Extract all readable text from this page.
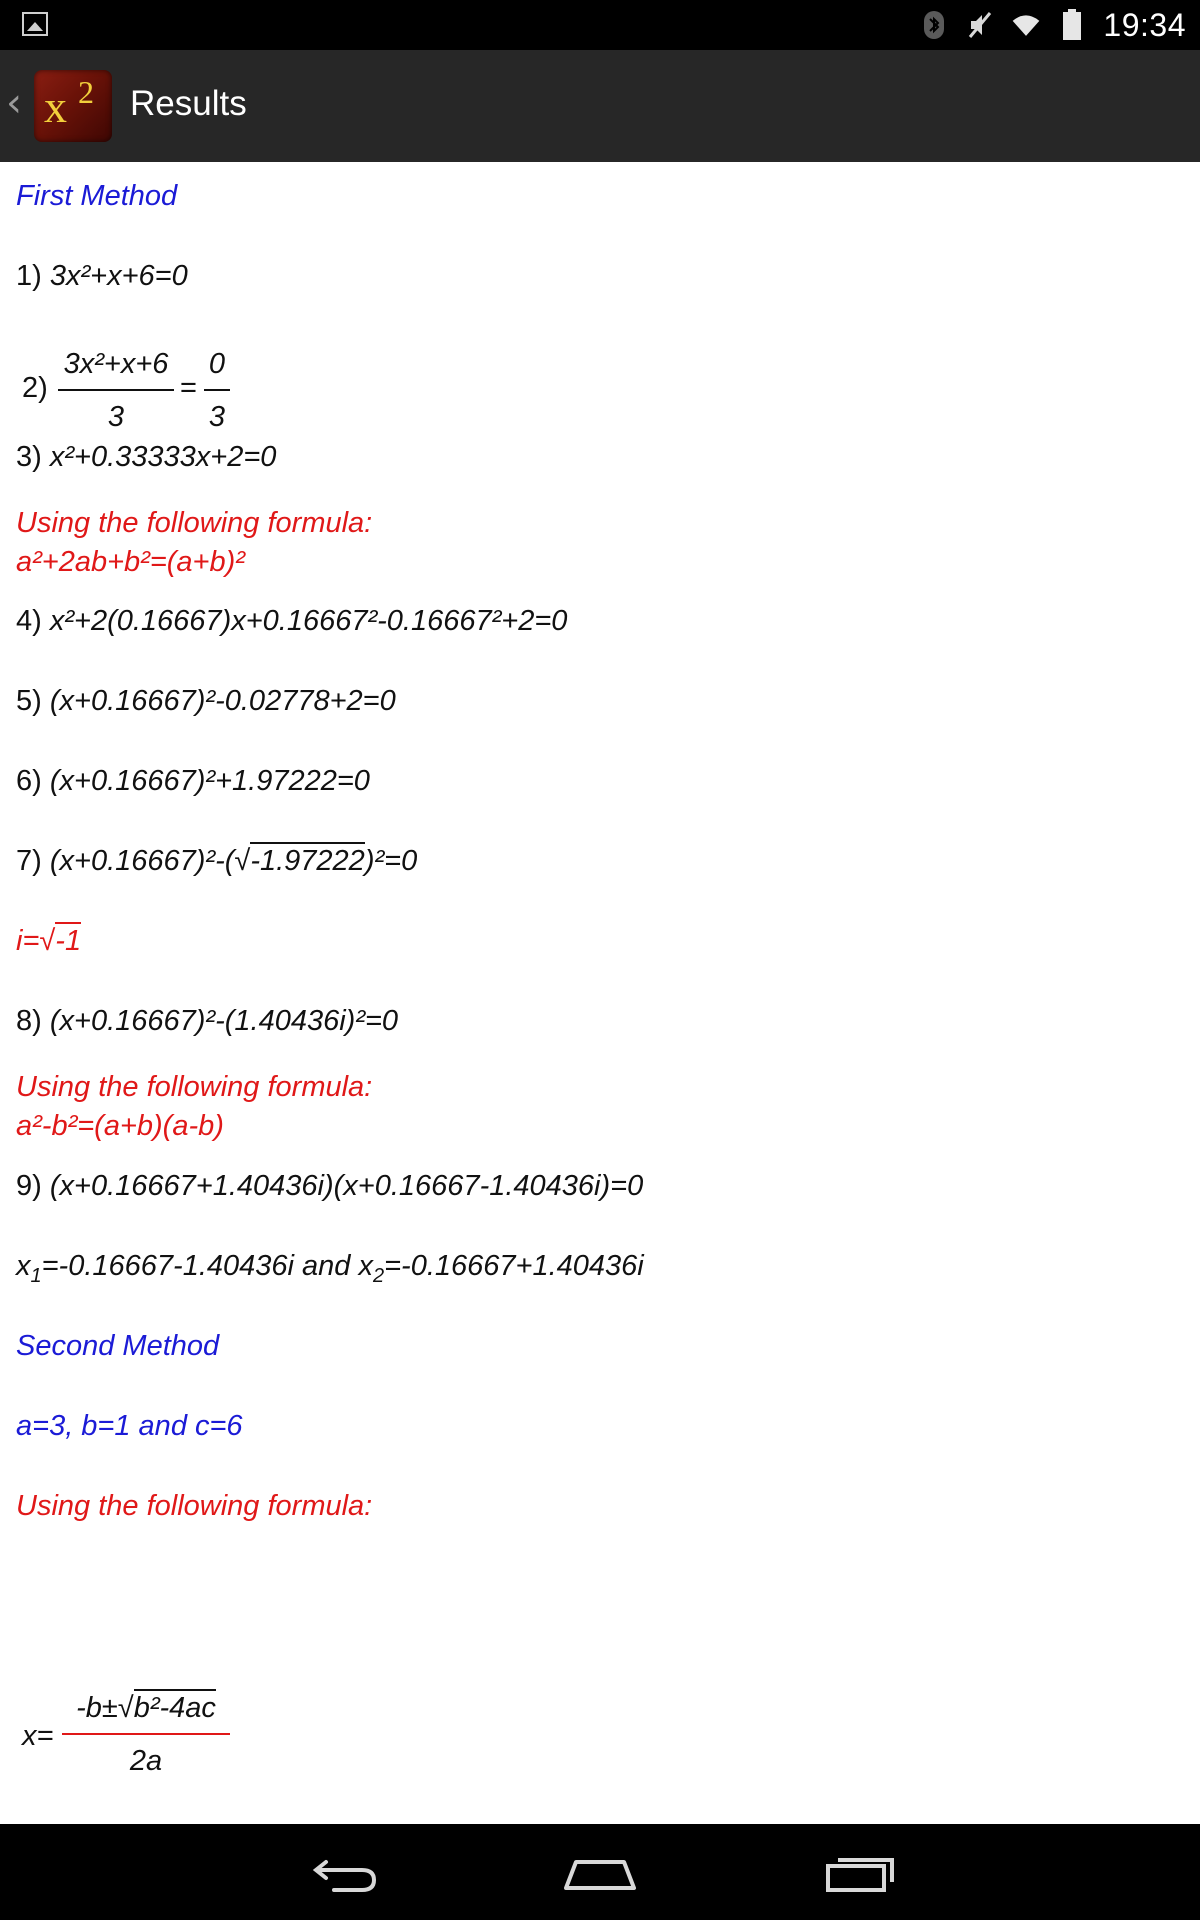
19:34
‹ x 2 Results
First Method
1) 3x²+x+6=0
2)
3x²+x+6
3
=
0
3
3) x²+0.33333x+2=0
Using the following formula:
a²+2ab+b²=(a+b)²
4) x²+2(0.16667)x+0.16667²-0.16667²+2=0
5) (x+0.16667)²-0.02778+2=0
6) (x+0.16667)²+1.97222=0
7) (x+0.16667)²-(√-1.97222)²=0
i=√-1
8) (x+0.16667)²-(1.40436i)²=0
Using the following formula:
a²-b²=(a+b)(a-b)
9) (x+0.16667+1.40436i)(x+0.16667-1.40436i)=0
$x_1=-0.16667-1.40436i$ and $x_2=-0.16667+1.40436i$
Second Method
a=3, b=1 and c=6
Using the following formula:
x=
-b±√b²-4ac
2a
